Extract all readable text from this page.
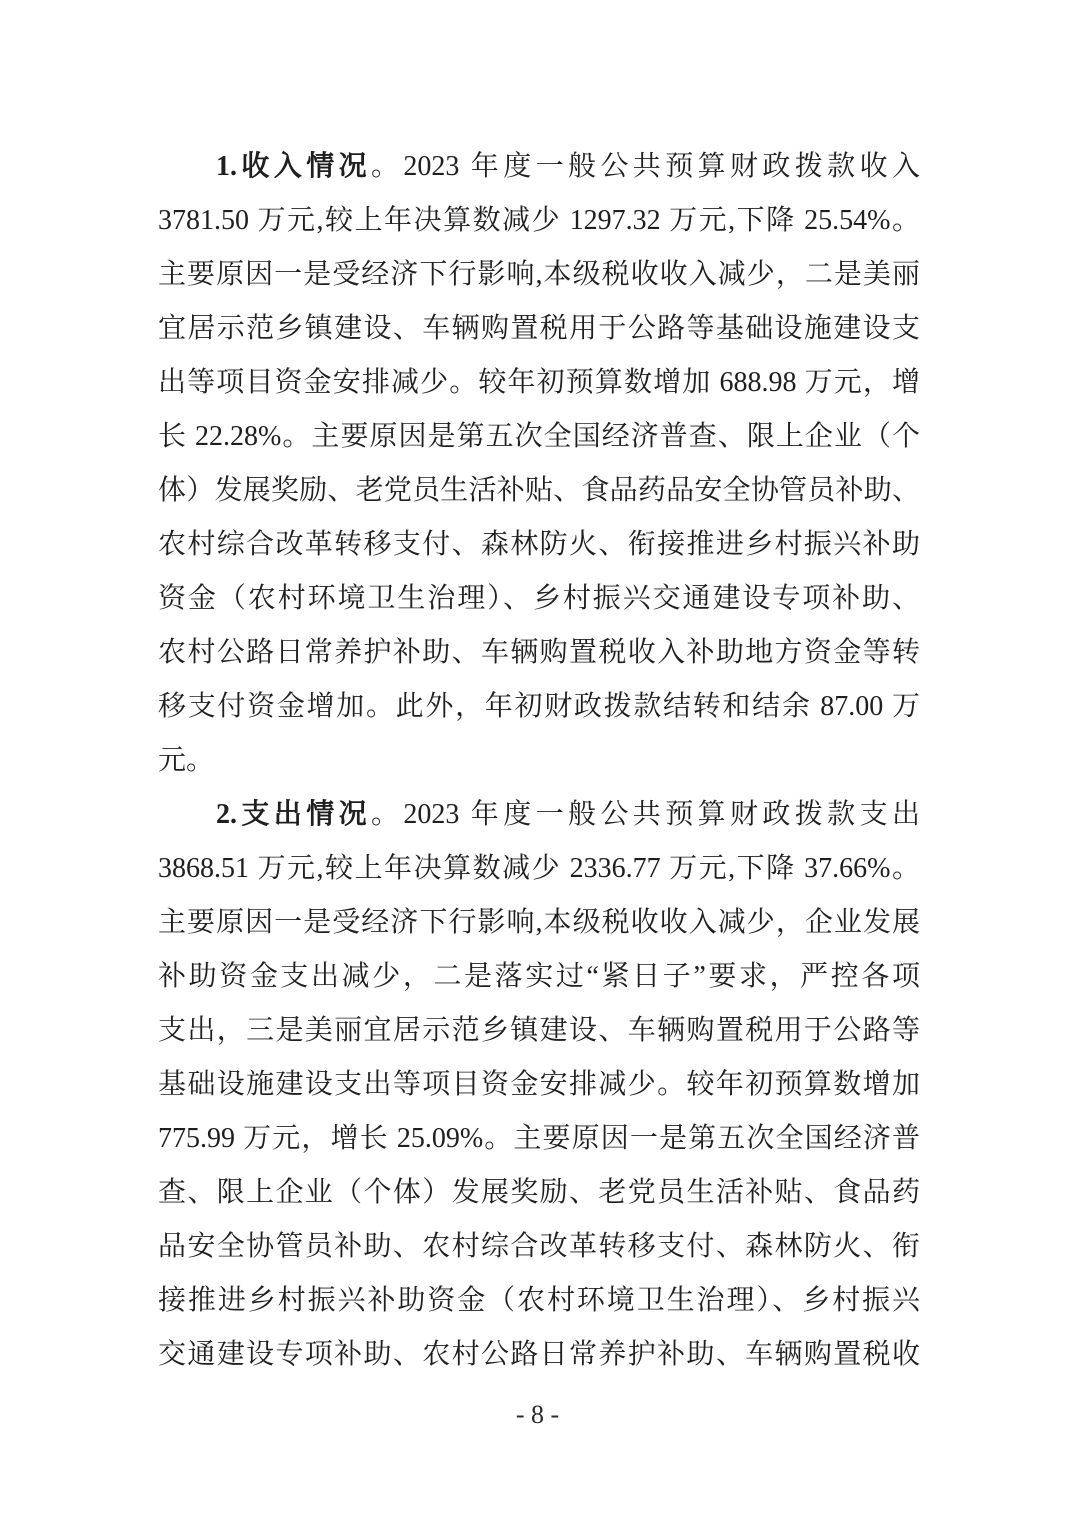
1.收入情况。2023 年度一般公共预算财政拨款收入
3781.50 万元,较上年决算数减少 1297.32 万元,下降 25.54%。
主要原因一是受经济下行影响,本级税收收入减少，二是美丽
宜居示范乡镇建设、车辆购置税用于公路等基础设施建设支
出等项目资金安排减少。较年初预算数增加 688.98 万元，增
长 22.28%。主要原因是第五次全国经济普查、限上企业（个
体）发展奖励、老党员生活补贴、食品药品安全协管员补助、
农村综合改革转移支付、森林防火、衔接推进乡村振兴补助
资金（农村环境卫生治理）、乡村振兴交通建设专项补助、
农村公路日常养护补助、车辆购置税收入补助地方资金等转
移支付资金增加。此外，年初财政拨款结转和结余 87.00 万
元。
2.支出情况。2023 年度一般公共预算财政拨款支出
3868.51 万元,较上年决算数减少 2336.77 万元,下降 37.66%。
主要原因一是受经济下行影响,本级税收收入减少，企业发展
补助资金支出减少，二是落实过“紧日子”要求，严控各项
支出，三是美丽宜居示范乡镇建设、车辆购置税用于公路等
基础设施建设支出等项目资金安排减少。较年初预算数增加
775.99 万元，增长 25.09%。主要原因一是第五次全国经济普
查、限上企业（个体）发展奖励、老党员生活补贴、食品药
品安全协管员补助、农村综合改革转移支付、森林防火、衔
接推进乡村振兴补助资金（农村环境卫生治理）、乡村振兴
交通建设专项补助、农村公路日常养护补助、车辆购置税收
- 8 -
